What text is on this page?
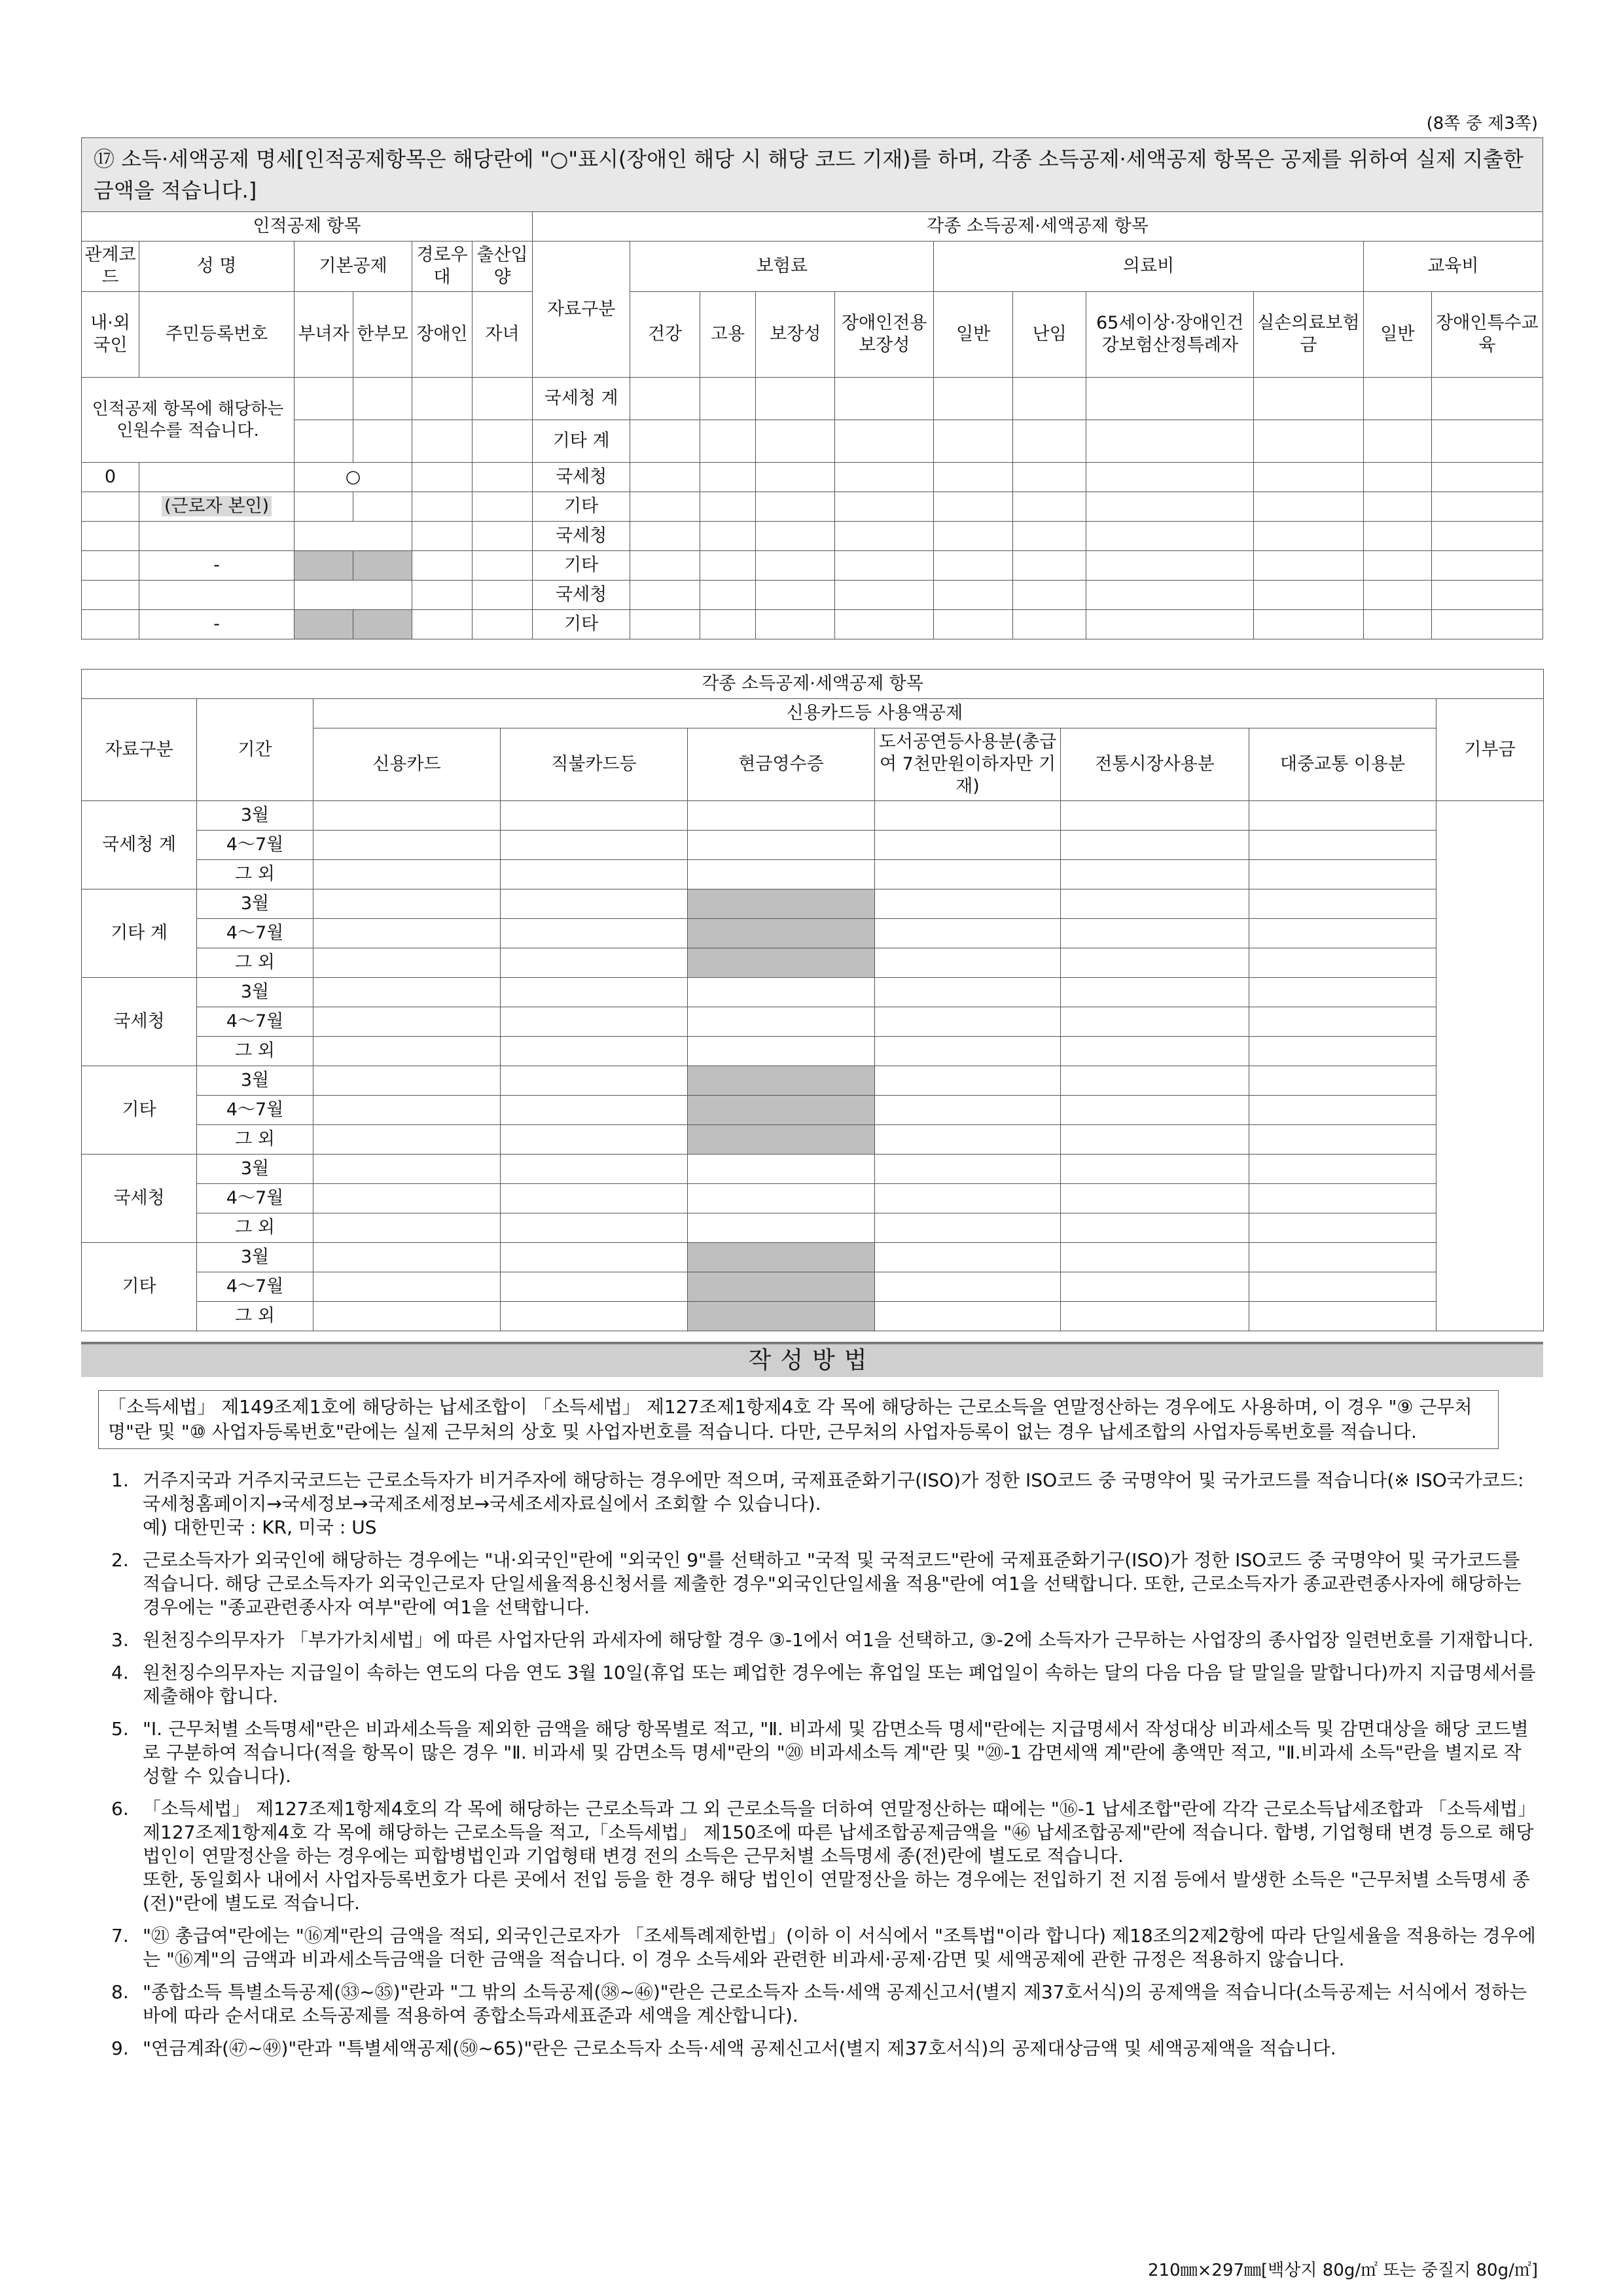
(8쪽 중 제3쪽)
⑰ 소득·세액공제 명세[인적공제항목은 해당란에 "○"표시(장애인 해당 시 해당 코드 기재)를 하며, 각종 소득공제·세액공제 항목은 공제를 위하여 실제 지출한 금액을 적습니다.]																
인적공제 항목						각종 소득공제·세액공제 항목										
관계코드	성 명	기본공제		경로우대	출산입양	자료구분	보험료				의료비				교육비	
내·외국인	주민등록번호	부녀자	한부모	장애인	자녀		건강	고용	보장성	장애인전용보장성	일반	난임	65세이상·장애인건강보험산정특례자	실손의료보험금	일반	장애인특수교육
인적공제 항목에 해당하는 인원수를 적습니다.						국세청 계										
						기타 계										
0		○				국세청										
	(근로자 본인)					기타										
						국세청										
	-					기타										
						국세청										
	-					기타										
각종 소득공제·세액공제 항목								
자료구분	기간	신용카드등 사용액공제						기부금
		신용카드	직불카드등	현금영수증	도서공연등사용분(총급여 7천만원이하자만 기재)	전통시장사용분	대중교통 이용분	
국세청 계	3월							
	4～7월							
	그 외							
기타 계	3월							
	4～7월							
	그 외							
국세청	3월							
	4～7월							
	그 외							
기타	3월							
	4～7월							
	그 외							
국세청	3월							
	4～7월							
	그 외							
기타	3월							
	4～7월							
	그 외							
작성방법
「소득세법」 제149조제1호에 해당하는 납세조합이 「소득세법」 제127조제1항제4호 각 목에 해당하는 근로소득을 연말정산하는 경우에도 사용하며, 이 경우 "⑨ 근무처명"란 및 "⑩ 사업자등록번호"란에는 실제 근무처의 상호 및 사업자번호를 적습니다. 다만, 근무처의 사업자등록이 없는 경우 납세조합의 사업자등록번호를 적습니다.
1. 거주지국과 거주지국코드는 근로소득자가 비거주자에 해당하는 경우에만 적으며, 국제표준화기구(ISO)가 정한 ISO코드 중 국명약어 및 국가코드를 적습니다(※ ISO국가코드: 국세청홈페이지→국세정보→국제조세정보→국세조세자료실에서 조회할 수 있습니다).
예) 대한민국 : KR, 미국 : US
2. 근로소득자가 외국인에 해당하는 경우에는 "내·외국인"란에 "외국인 9"를 선택하고 "국적 및 국적코드"란에 국제표준화기구(ISO)가 정한 ISO코드 중 국명약어 및 국가코드를 적습니다. 해당 근로소득자가 외국인근로자 단일세율적용신청서를 제출한 경우"외국인단일세율 적용"란에 여1을 선택합니다. 또한, 근로소득자가 종교관련종사자에 해당하는 경우에는 "종교관련종사자 여부"란에 여1을 선택합니다.
3. 원천징수의무자가 「부가가치세법」에 따른 사업자단위 과세자에 해당할 경우 ③-1에서 여1을 선택하고, ③-2에 소득자가 근무하는 사업장의 종사업장 일련번호를 기재합니다.
4. 원천징수의무자는 지급일이 속하는 연도의 다음 연도 3월 10일(휴업 또는 폐업한 경우에는 휴업일 또는 폐업일이 속하는 달의 다음 다음 달 말일을 말합니다)까지 지급명세서를 제출해야 합니다.
5. "Ⅰ. 근무처별 소득명세"란은 비과세소득을 제외한 금액을 해당 항목별로 적고, "Ⅱ. 비과세 및 감면소득 명세"란에는 지급명세서 작성대상 비과세소득 및 감면대상을 해당 코드별로 구분하여 적습니다(적을 항목이 많은 경우 "Ⅱ. 비과세 및 감면소득 명세"란의 "⑳ 비과세소득 계"란 및 "⑳-1 감면세액 계"란에 총액만 적고, "Ⅱ.비과세 소득"란을 별지로 작성할 수 있습니다).
6. 「소득세법」 제127조제1항제4호의 각 목에 해당하는 근로소득과 그 외 근로소득을 더하여 연말정산하는 때에는 "⑯-1 납세조합"란에 각각 근로소득납세조합과 「소득세법」 제127조제1항제4호 각 목에 해당하는 근로소득을 적고,「소득세법」 제150조에 따른 납세조합공제금액을 "㊻ 납세조합공제"란에 적습니다. 합병, 기업형태 변경 등으로 해당 법인이 연말정산을 하는 경우에는 피합병법인과 기업형태 변경 전의 소득은 근무처별 소득명세 종(전)란에 별도로 적습니다.
또한, 동일회사 내에서 사업자등록번호가 다른 곳에서 전입 등을 한 경우 해당 법인이 연말정산을 하는 경우에는 전입하기 전 지점 등에서 발생한 소득은 "근무처별 소득명세 종(전)"란에 별도로 적습니다.
7. "㉑ 총급여"란에는 "⑯계"란의 금액을 적되, 외국인근로자가 「조세특례제한법」(이하 이 서식에서 "조특법"이라 합니다) 제18조의2제2항에 따라 단일세율을 적용하는 경우에는 "⑯계"의 금액과 비과세소득금액을 더한 금액을 적습니다. 이 경우 소득세와 관련한 비과세·공제·감면 및 세액공제에 관한 규정은 적용하지 않습니다.
8. "종합소득 특별소득공제(㉝~㉟)"란과 "그 밖의 소득공제(㊳~㊻)"란은 근로소득자 소득·세액 공제신고서(별지 제37호서식)의 공제액을 적습니다(소득공제는 서식에서 정하는 바에 따라 순서대로 소득공제를 적용하여 종합소득과세표준과 세액을 계산합니다).
9. "연금계좌(㊼~㊾)"란과 "특별세액공제(㊿~65)"란은 근로소득자 소득·세액 공제신고서(별지 제37호서식)의 공제대상금액 및 세액공제액을 적습니다.
210㎜×297㎜[백상지 80g/㎡ 또는 중질지 80g/㎡]
